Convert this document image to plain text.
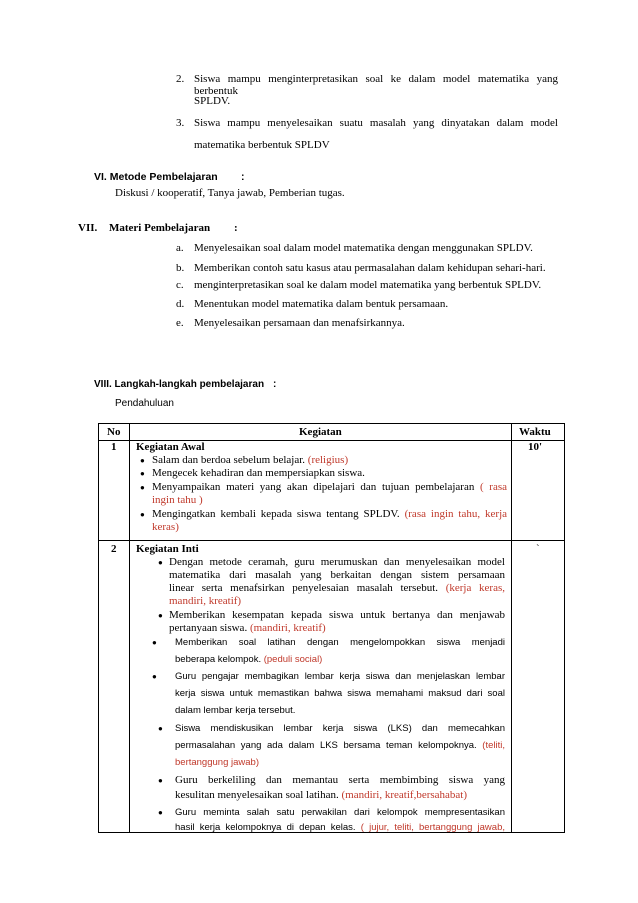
2. Siswa mampu menginterpretasikan soal ke dalam model matematika yang berbentuk
SPLDV.
3. Siswa mampu menyelesaikan suatu masalah yang dinyatakan dalam model
matematika berbentuk SPLDV
VI. Metode Pembelajaran :
Diskusi / kooperatif, Tanya jawab, Pemberian tugas.
VII. Materi Pembelajaran :
a. Menyelesaikan soal dalam model matematika dengan menggunakan SPLDV.
b. Memberikan contoh satu kasus atau permasalahan dalam kehidupan sehari-hari.
c. menginterpretasikan soal ke dalam model matematika yang berbentuk SPLDV.
d. Menentukan model matematika dalam bentuk persamaan.
e. Menyelesaikan persamaan dan menafsirkannya.
VIII. Langkah-langkah pembelajaran :
Pendahuluan
No	Kegiatan	Waktu
1 Kegiatan Awal	10'
● Salam dan berdoa sebelum belajar. (religius)
● Mengecek kehadiran dan mempersiapkan siswa.
● Menyampaikan materi yang akan dipelajari dan tujuan pembelajaran ( rasa
ingin tahu )
● Mengingatkan kembali kepada siswa tentang SPLDV. (rasa ingin tahu, kerja
keras)
2 Kegiatan Inti	`
● Dengan metode ceramah, guru merumuskan dan menyelesaikan model
matematika dari masalah yang berkaitan dengan sistem persamaan
linear serta menafsirkan penyelesaian masalah tersebut. (kerja keras,
mandiri, kreatif)
● Memberikan kesempatan kepada siswa untuk bertanya dan menjawab
pertanyaan siswa. (mandiri, kreatif)
● Memberikan soal latihan dengan mengelompokkan siswa menjadi
beberapa kelompok. (peduli social)
● Guru pengajar membagikan lembar kerja siswa dan menjelaskan lembar
kerja siswa untuk memastikan bahwa siswa memahami maksud dari soal
dalam lembar kerja tersebut.
● Siswa mendiskusikan lembar kerja siswa (LKS) dan memecahkan
permasalahan yang ada dalam LKS bersama teman kelompoknya. (teliti,
bertanggung jawab)
● Guru berkeliling dan memantau serta membimbing siswa yang
kesulitan menyelesaikan soal latihan. (mandiri, kreatif,bersahabat)
● Guru meminta salah satu perwakilan dari kelompok mempresentasikan
hasil kerja kelompoknya di depan kelas. ( jujur, teliti, bertanggung jawab,
